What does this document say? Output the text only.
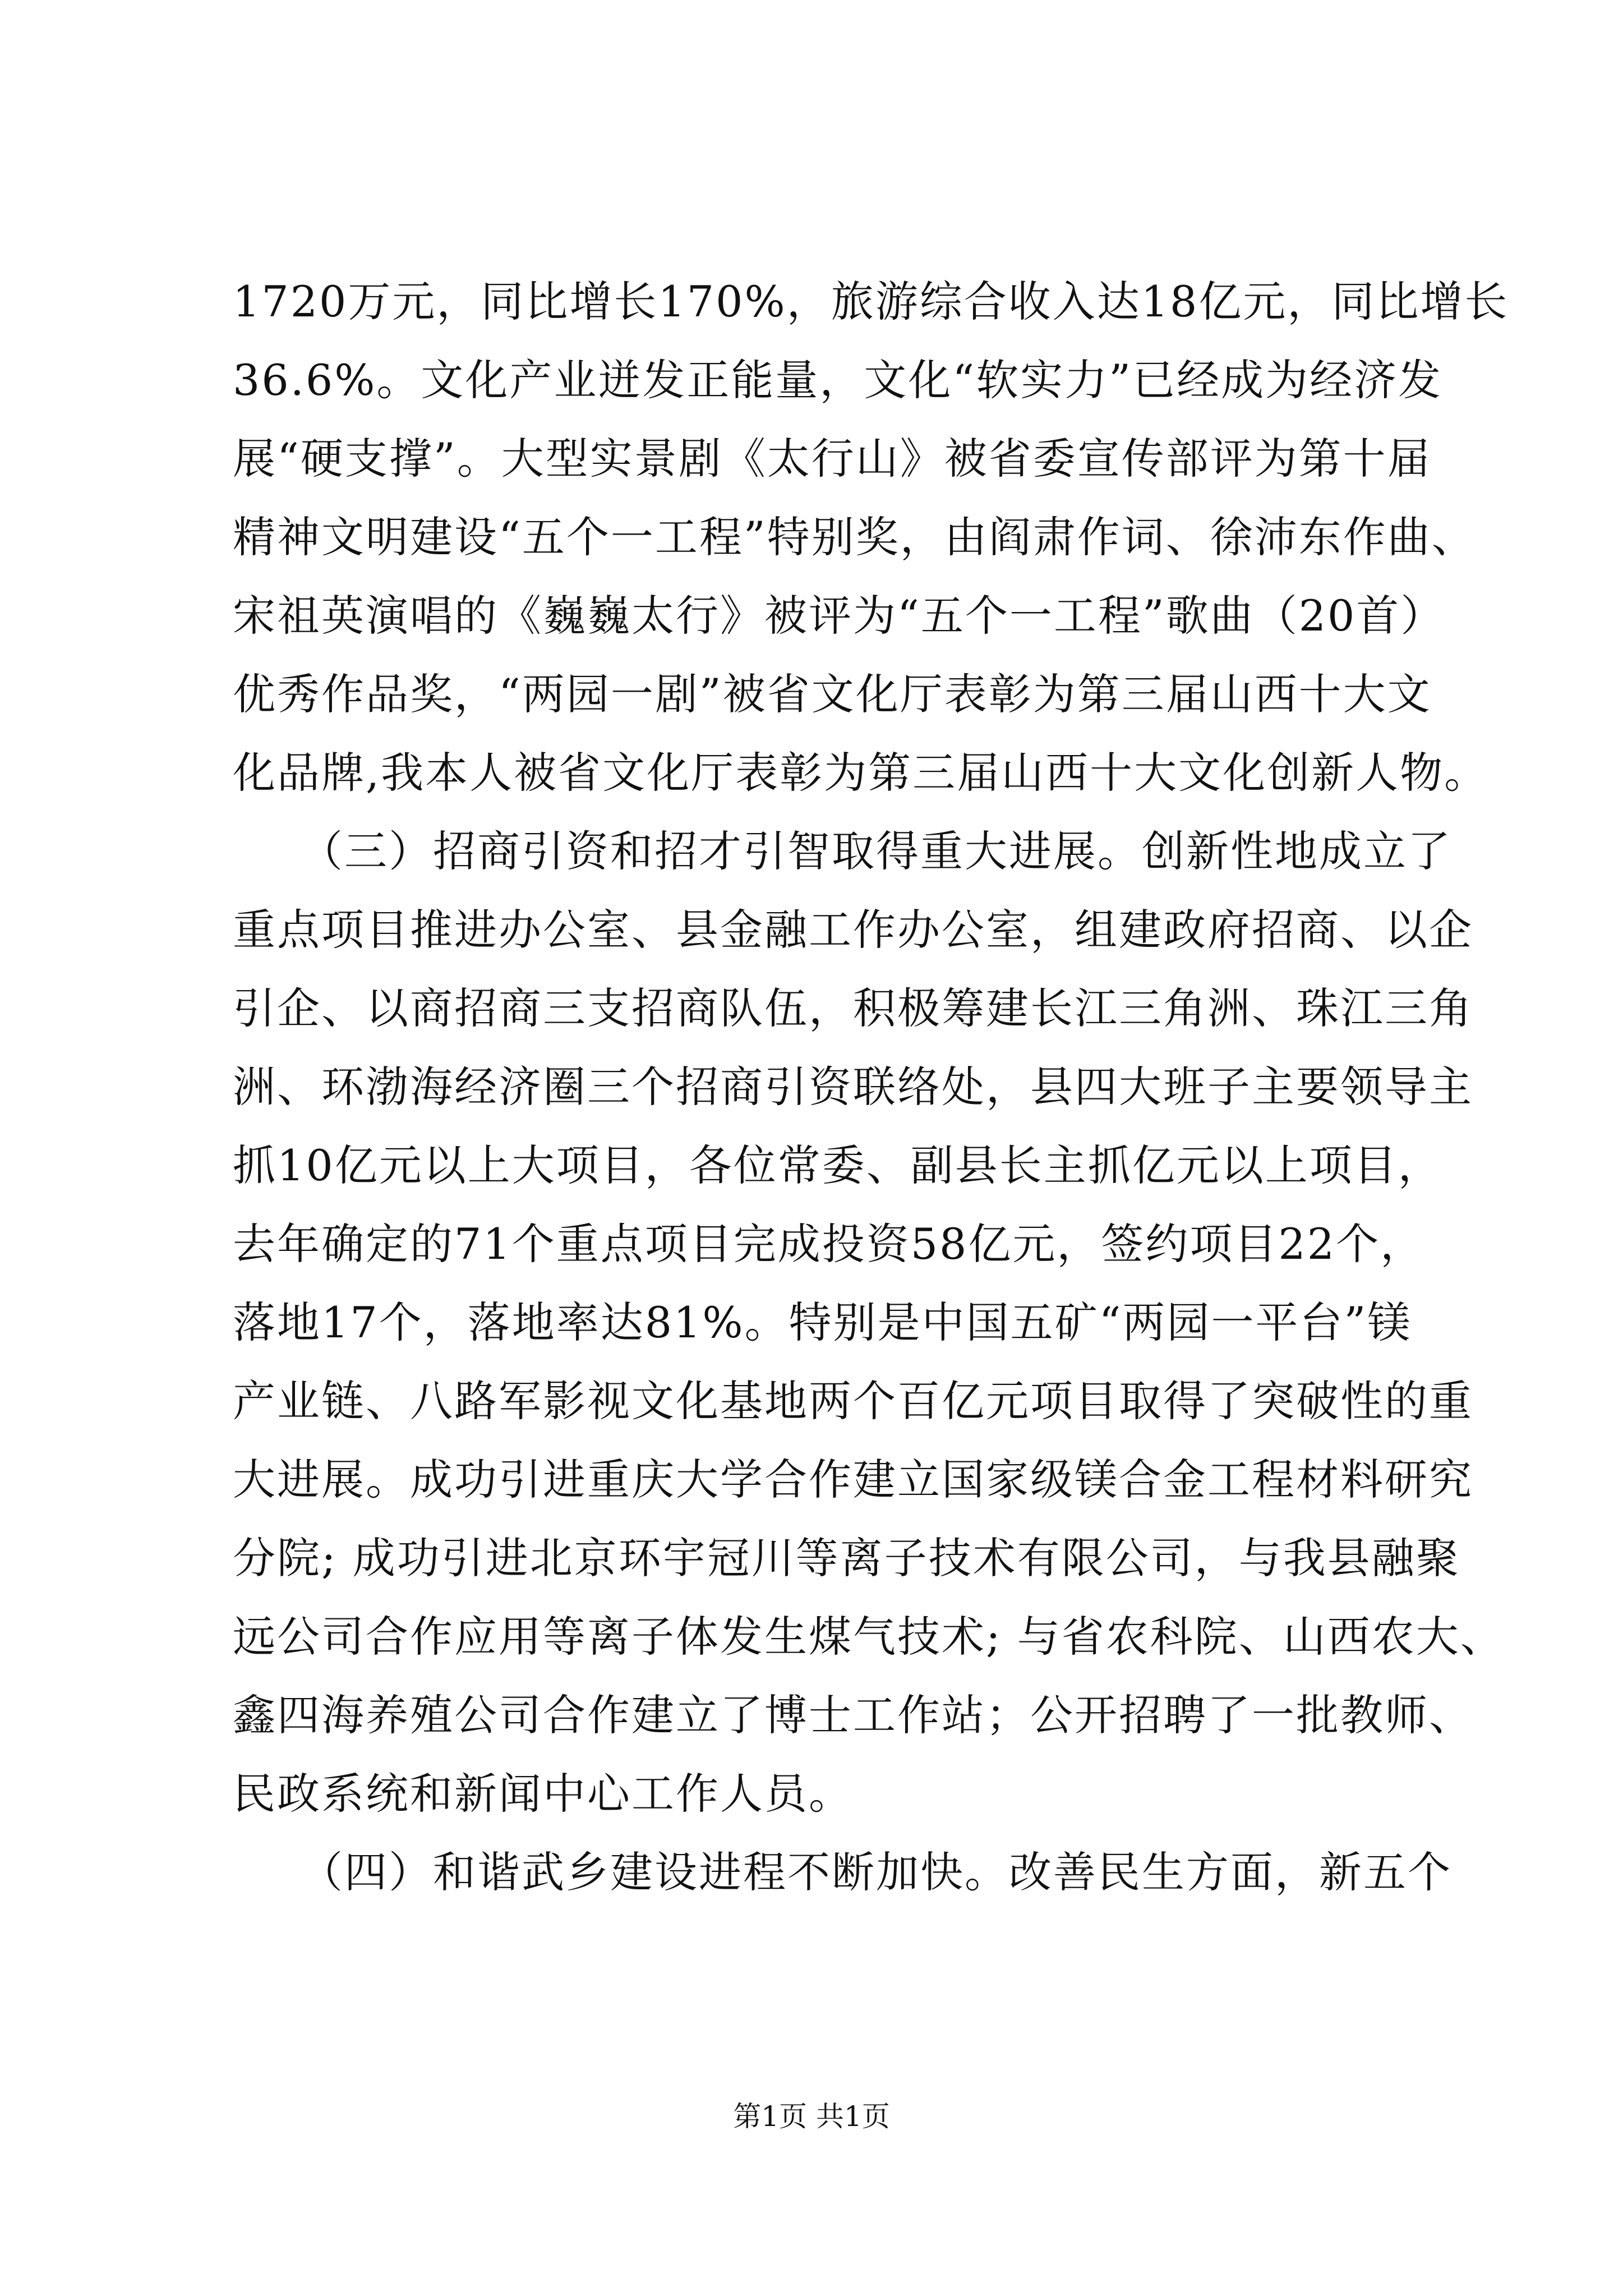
1720万元，同比增长170%，旅游综合收入达18亿元，同比增长
36.6%。文化产业迸发正能量，文化“软实力”已经成为经济发
展“硬支撑”。大型实景剧《太行山》被省委宣传部评为第十届
精神文明建设“五个一工程”特别奖，由阎肃作词、徐沛东作曲、
宋祖英演唱的《巍巍太行》被评为“五个一工程”歌曲（20首）
优秀作品奖，“两园一剧”被省文化厅表彰为第三届山西十大文
化品牌,我本人被省文化厅表彰为第三届山西十大文化创新人物。
　　（三）招商引资和招才引智取得重大进展。创新性地成立了
重点项目推进办公室、县金融工作办公室，组建政府招商、以企
引企、以商招商三支招商队伍，积极筹建长江三角洲、珠江三角
洲、环渤海经济圈三个招商引资联络处，县四大班子主要领导主
抓10亿元以上大项目，各位常委、副县长主抓亿元以上项目，
去年确定的71个重点项目完成投资58亿元，签约项目22个，
落地17个，落地率达81%。特别是中国五矿“两园一平台”镁
产业链、八路军影视文化基地两个百亿元项目取得了突破性的重
大进展。成功引进重庆大学合作建立国家级镁合金工程材料研究
分院; 成功引进北京环宇冠川等离子技术有限公司，与我县融聚
远公司合作应用等离子体发生煤气技术; 与省农科院、山西农大、
鑫四海养殖公司合作建立了博士工作站；公开招聘了一批教师、
民政系统和新闻中心工作人员。
　　（四）和谐武乡建设进程不断加快。改善民生方面，新五个
第1页 共1页
